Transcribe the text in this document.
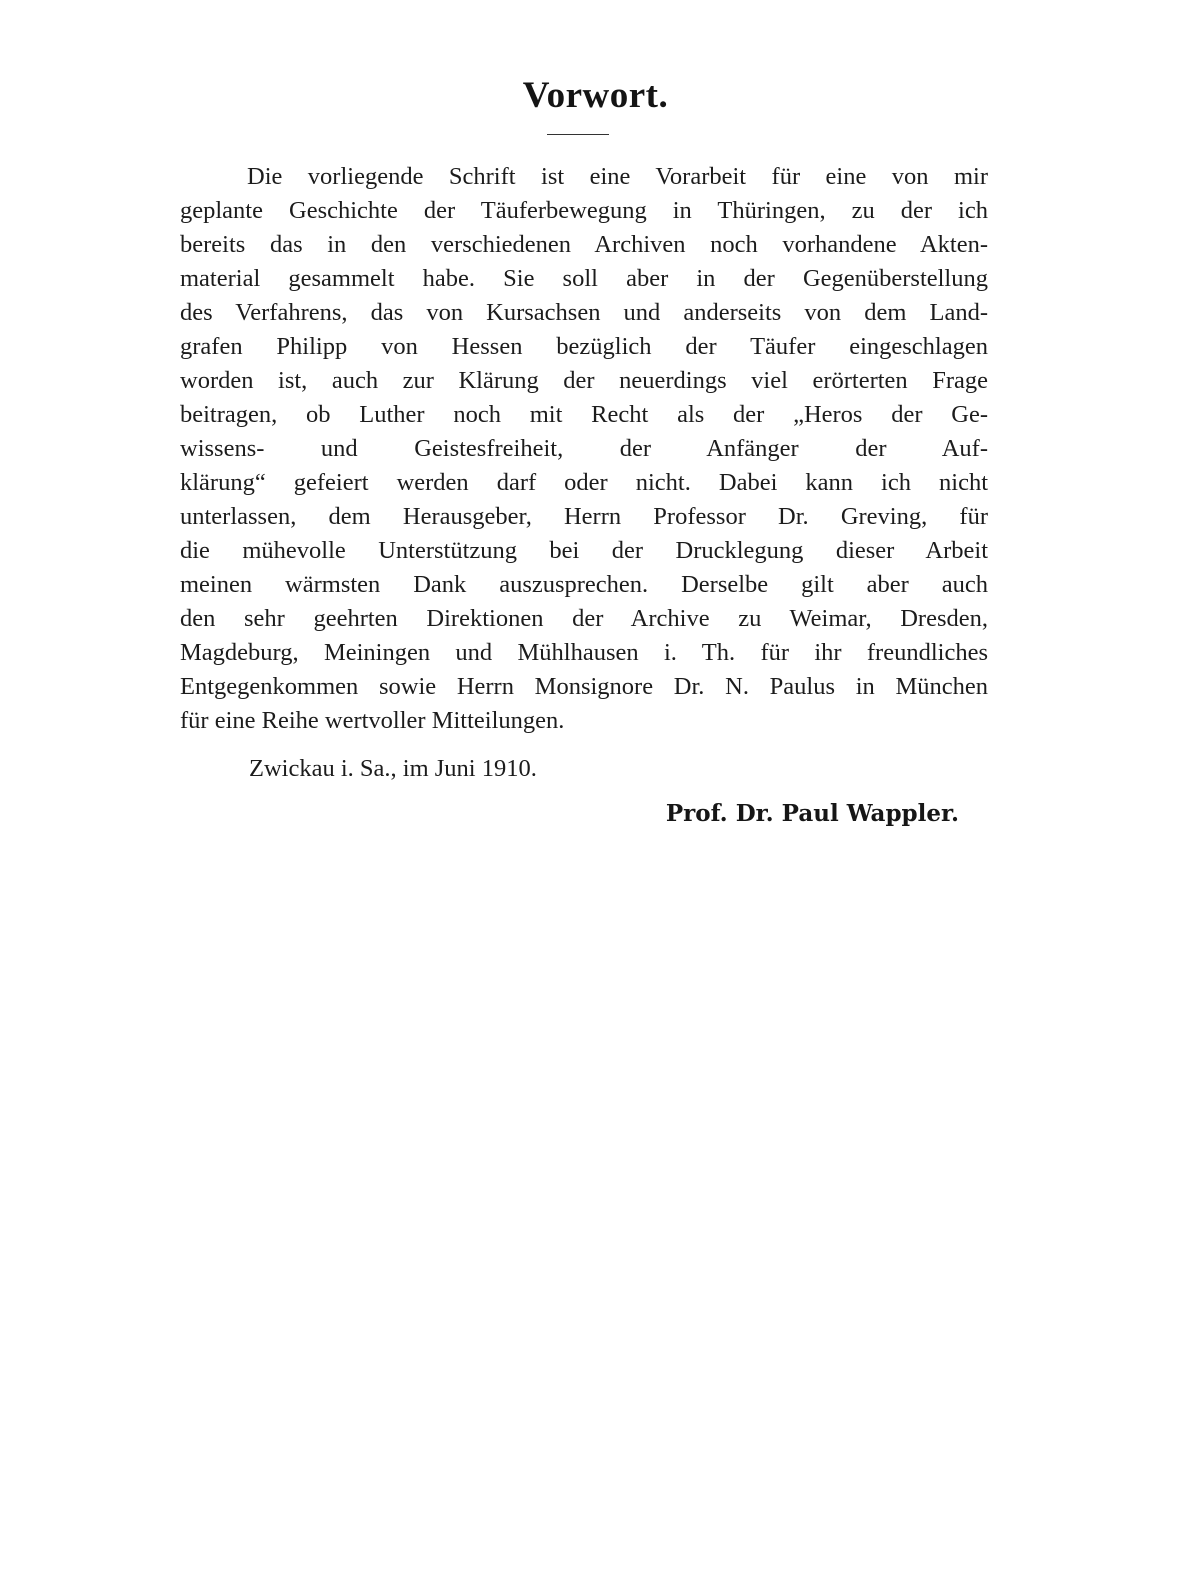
Vorwort.
Die vorliegende Schrift ist eine Vorarbeit für eine von mir
geplante Geschichte der Täuferbewegung in Thüringen, zu der ich
bereits das in den verschiedenen Archiven noch vorhandene Akten-
material gesammelt habe. Sie soll aber in der Gegenüberstellung
des Verfahrens, das von Kursachsen und anderseits von dem Land-
grafen Philipp von Hessen bezüglich der Täufer eingeschlagen
worden ist, auch zur Klärung der neuerdings viel erörterten Frage
beitragen, ob Luther noch mit Recht als der „Heros der Ge-
wissens- und Geistesfreiheit, der Anfänger der Auf-
klärung“ gefeiert werden darf oder nicht. Dabei kann ich nicht
unterlassen, dem Herausgeber, Herrn Professor Dr. Greving, für
die mühevolle Unterstützung bei der Drucklegung dieser Arbeit
meinen wärmsten Dank auszusprechen. Derselbe gilt aber auch
den sehr geehrten Direktionen der Archive zu Weimar, Dresden,
Magdeburg, Meiningen und Mühlhausen i. Th. für ihr freundliches
Entgegenkommen sowie Herrn Monsignore Dr. N. Paulus in München
für eine Reihe wertvoller Mitteilungen.
Zwickau i. Sa., im Juni 1910.
Prof. Dr. Paul Wappler.
